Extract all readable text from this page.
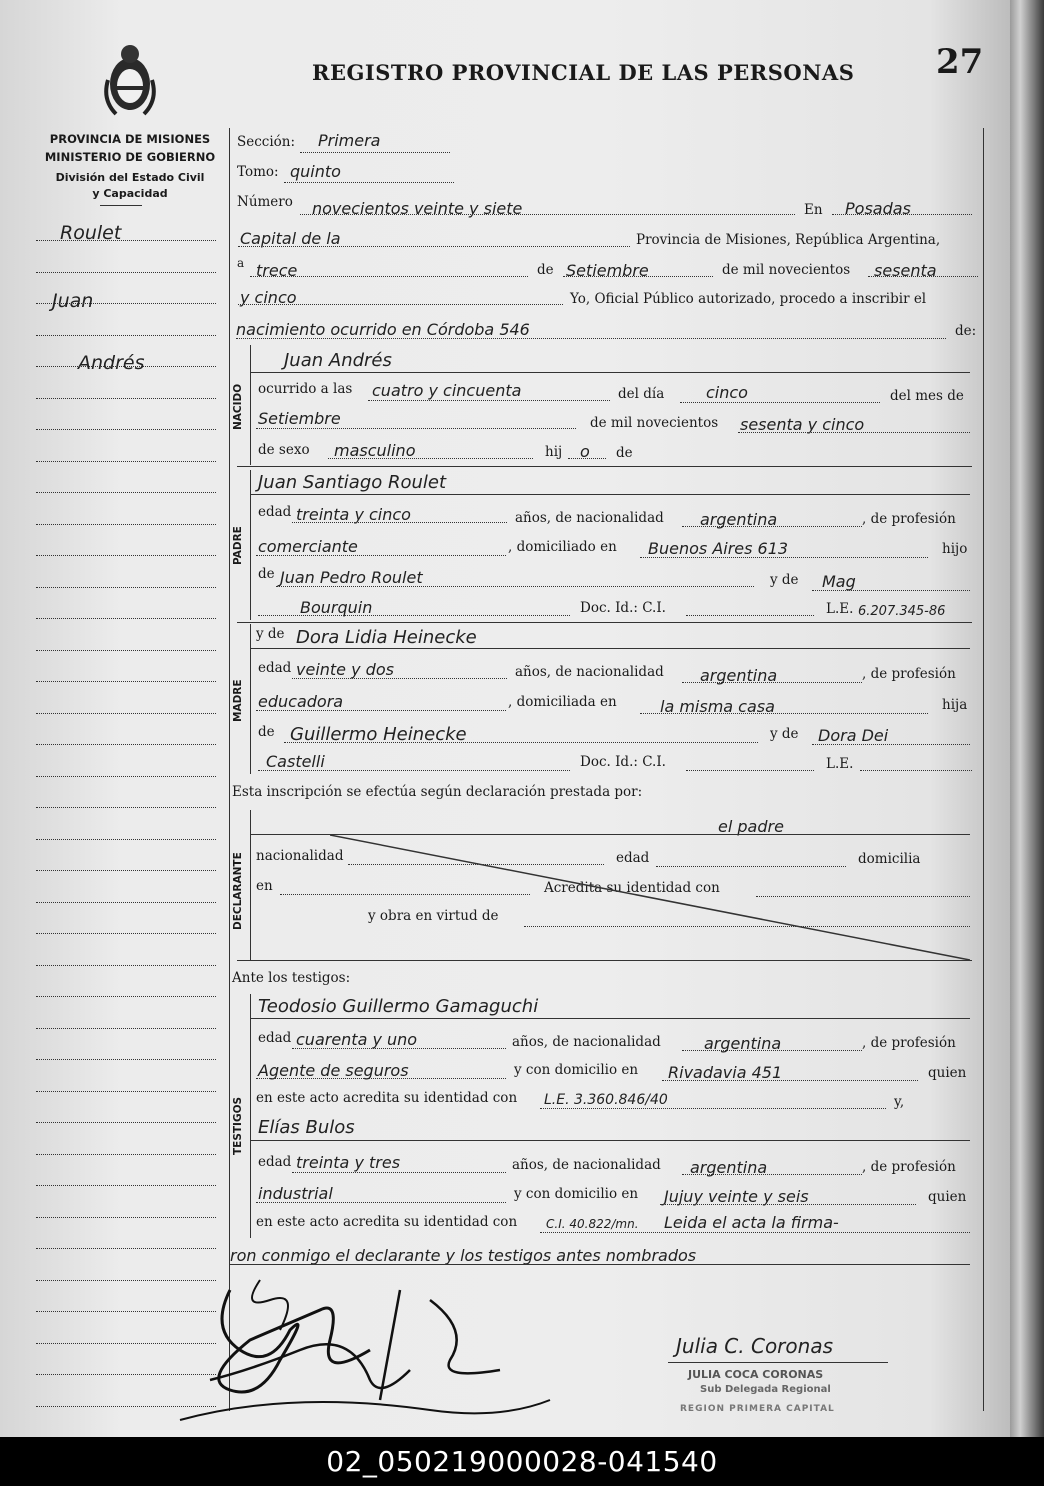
REGISTRO PROVINCIAL DE LAS PERSONAS 27
PROVINCIA DE MISIONES
MINISTERIO DE GOBIERNO
División del Estado Civil
y Capacidad
Roulet
Juan
Andrés
Sección: Primera
Tomo: quinto
Número novecientos veinte y siete	En Posadas
Capital de la	Provincia de Misiones, República Argentina,
a trece	de Setiembre	de mil novecientos sesenta
y cinco	Yo, Oficial Público autorizado, procedo a inscribir el
nacimiento ocurrido en Córdoba 546	de:
NACIDO
Juan Andrés
ocurrido a las cuatro y cincuenta	del día	cinco	del mes de
Setiembre	de mil novecientos sesenta y cinco
de sexo masculino	hij o de
PADRE
Juan Santiago Roulet
edad treinta y cinco	años, de nacionalidad argentina	, de profesión
comerciante	, domiciliado en Buenos Aires 613	hijo
de Juan Pedro Roulet	y de Mag
Bourquin	Doc. Id.: C.I.	L.E. 6.207.345-86
MADRE
y de Dora Lidia Heinecke
edad veinte y dos	años, de nacionalidad argentina	, de profesión
educadora	, domiciliada en	la misma casa	hija
de Guillermo Heinecke	y de Dora Dei
Castelli	Doc. Id.: C.I.	L.E.
Esta inscripción se efectúa según declaración prestada por:
DECLARANTE
el padre
nacionalidad	edad	domicilia
en	Acredita su identidad con
y obra en virtud de
Ante los testigos:
TESTIGOS
Teodosio Guillermo Gamaguchi
edad cuarenta y uno	años, de nacionalidad	argentina	, de profesión
Agente de seguros	y con domicilio en Rivadavia 451	quien
en este acto acredita su identidad con L.E. 3.360.846/40	y,
Elías Bulos
edad treinta y tres	años, de nacionalidad argentina	, de profesión
industrial	y con domicilio en Jujuy veinte y seis	quien
en este acto acredita su identidad con C.I. 40.822/mn. Leida el acta la firma-
ron conmigo el declarante y los testigos antes nombrados
Julia C. Coronas
JULIA COCA CORONAS
Sub Delegada Regional
REGION PRIMERA CAPITAL
02_050219000028-041540
